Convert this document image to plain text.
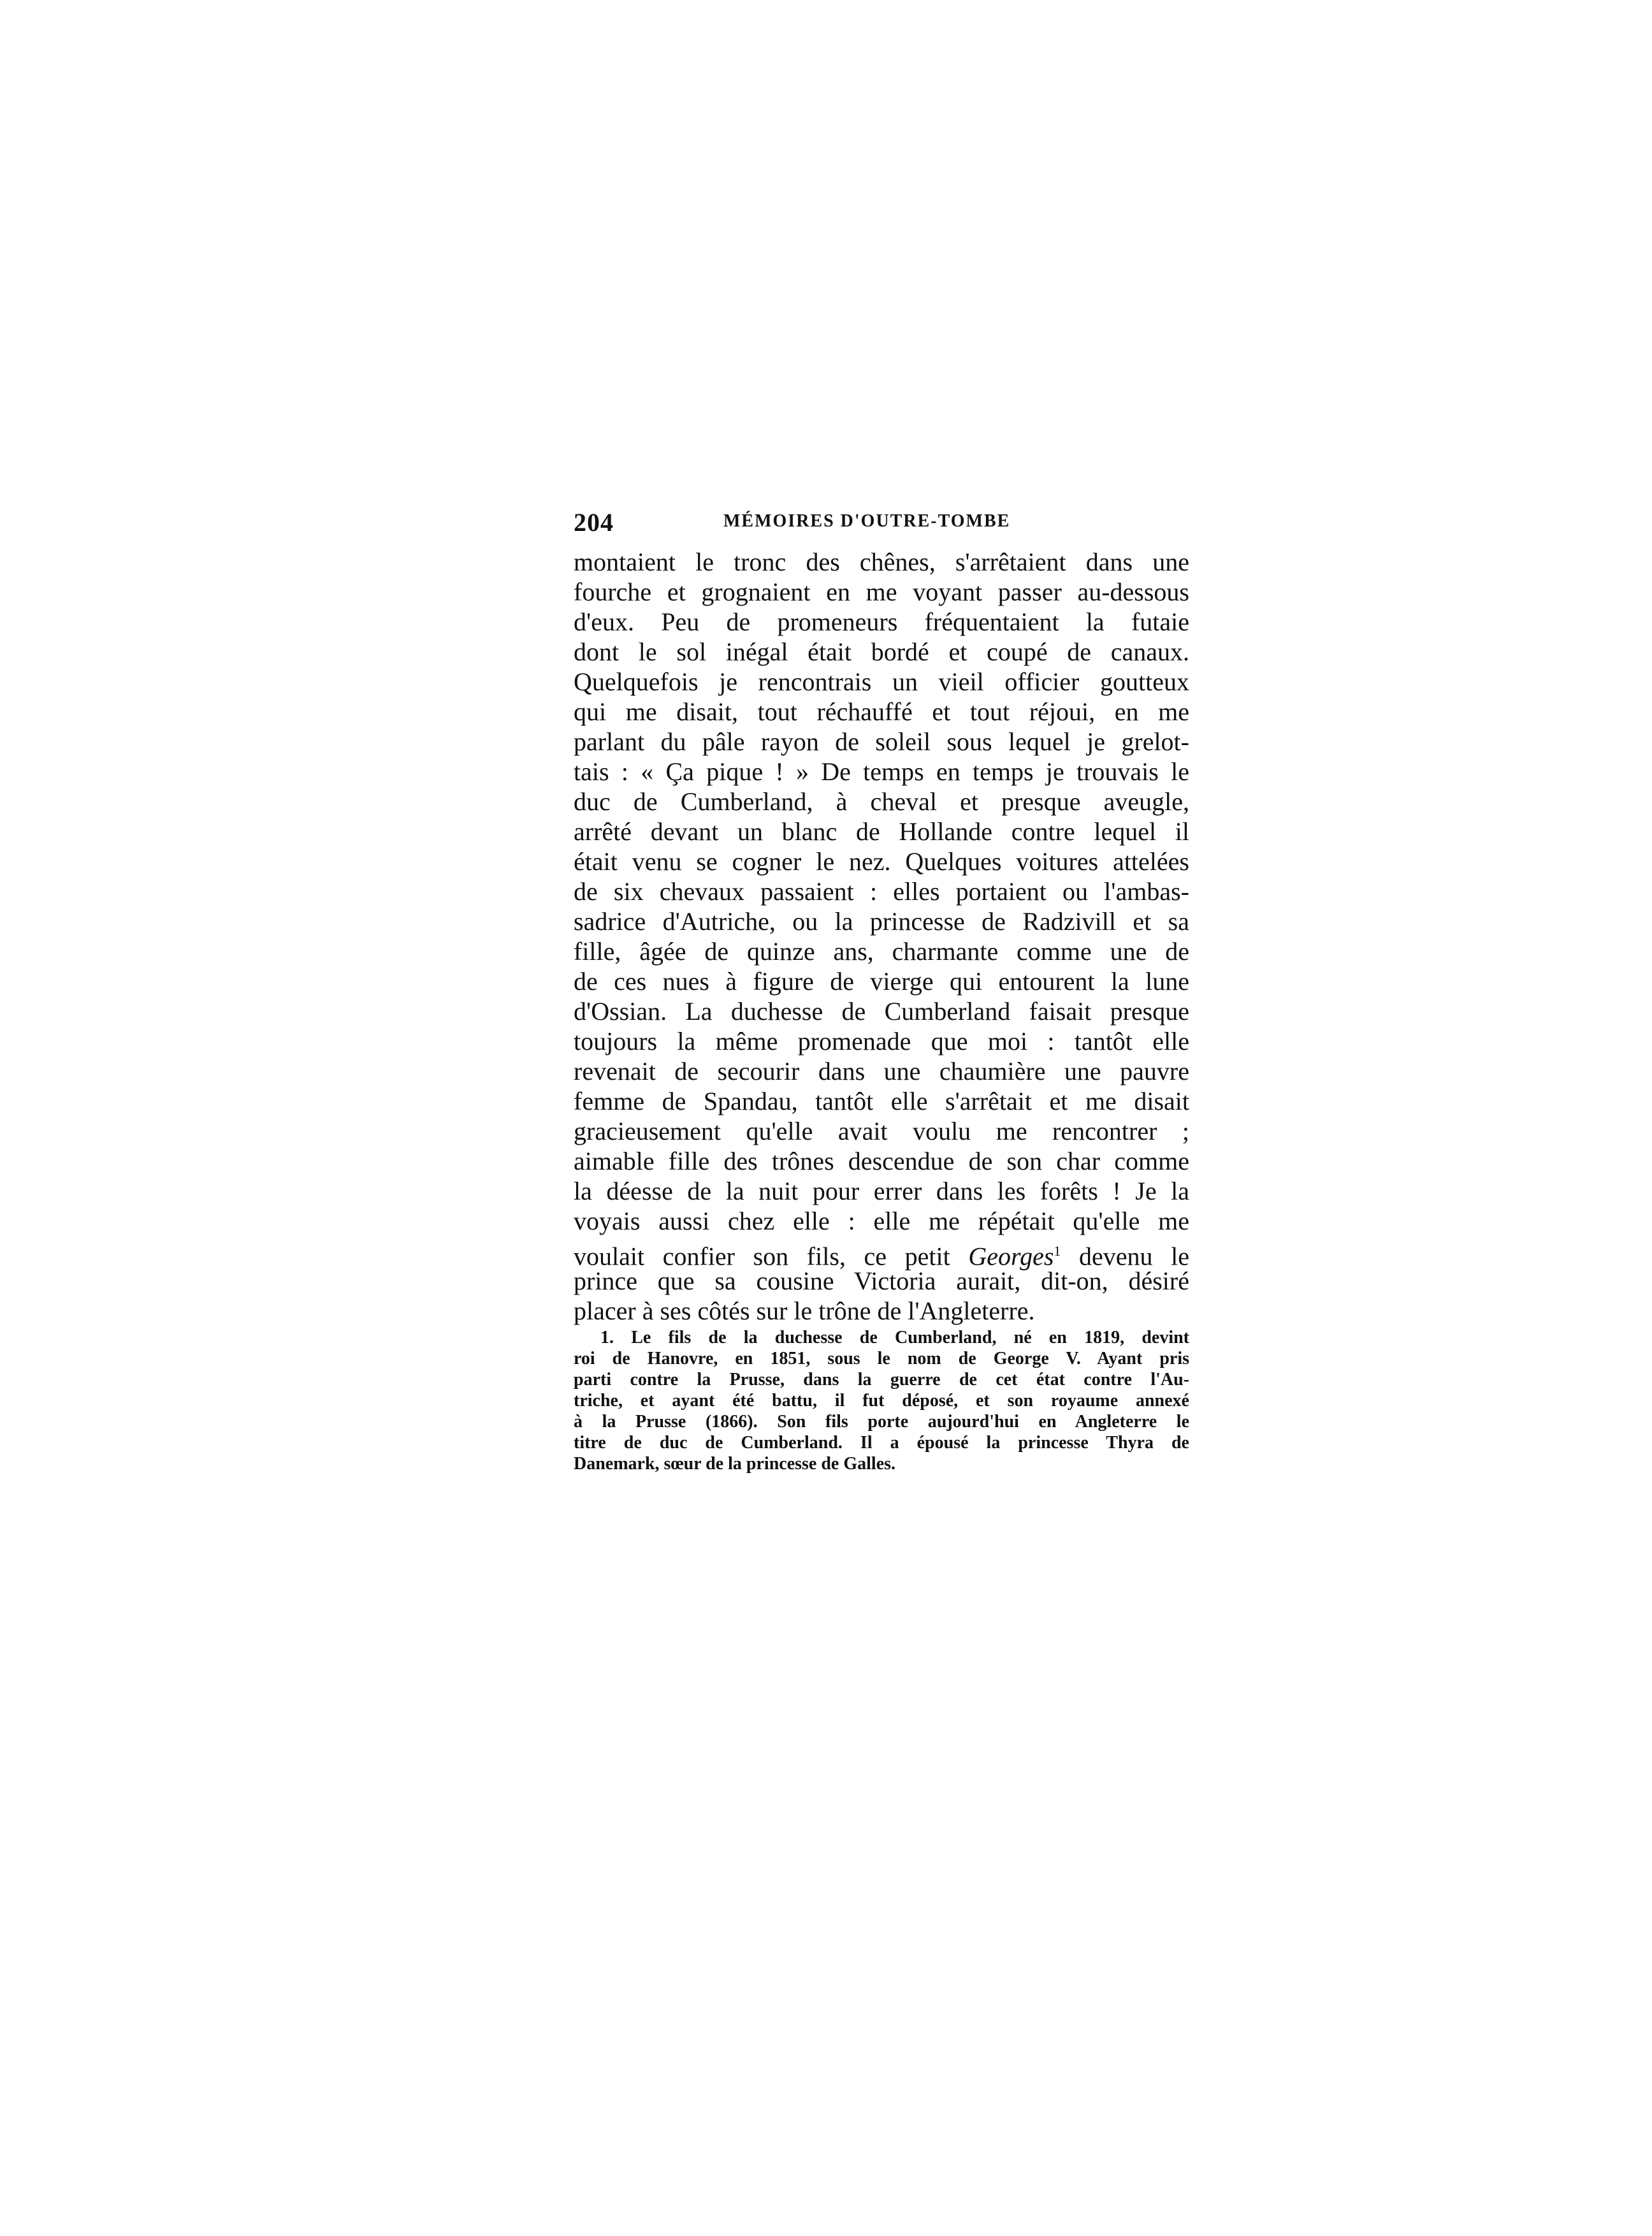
204	MÉMOIRES D'OUTRE-TOMBE
montaient le tronc des chênes, s'arrêtaient dans une
fourche et grognaient en me voyant passer au-dessous
d'eux. Peu de promeneurs fréquentaient la futaie
dont le sol inégal était bordé et coupé de canaux.
Quelquefois je rencontrais un vieil officier goutteux
qui me disait, tout réchauffé et tout réjoui, en me
parlant du pâle rayon de soleil sous lequel je grelot-
tais : « Ça pique ! » De temps en temps je trouvais le
duc de Cumberland, à cheval et presque aveugle,
arrêté devant un blanc de Hollande contre lequel il
était venu se cogner le nez. Quelques voitures attelées
de six chevaux passaient : elles portaient ou l'ambas-
sadrice d'Autriche, ou la princesse de Radzivill et sa
fille, âgée de quinze ans, charmante comme une de
de ces nues à figure de vierge qui entourent la lune
d'Ossian. La duchesse de Cumberland faisait presque
toujours la même promenade que moi : tantôt elle
revenait de secourir dans une chaumière une pauvre
femme de Spandau, tantôt elle s'arrêtait et me disait
gracieusement qu'elle avait voulu me rencontrer ;
aimable fille des trônes descendue de son char comme
la déesse de la nuit pour errer dans les forêts ! Je la
voyais aussi chez elle : elle me répétait qu'elle me
voulait confier son fils, ce petit Georges$^1$ devenu le
prince que sa cousine Victoria aurait, dit-on, désiré
placer à ses côtés sur le trône de l'Angleterre.
1. Le fils de la duchesse de Cumberland, né en 1819, devint
roi de Hanovre, en 1851, sous le nom de George V. Ayant pris
parti contre la Prusse, dans la guerre de cet état contre l'Au-
triche, et ayant été battu, il fut déposé, et son royaume annexé
à la Prusse (1866). Son fils porte aujourd'hui en Angleterre le
titre de duc de Cumberland. Il a épousé la princesse Thyra de
Danemark, sœur de la princesse de Galles.
